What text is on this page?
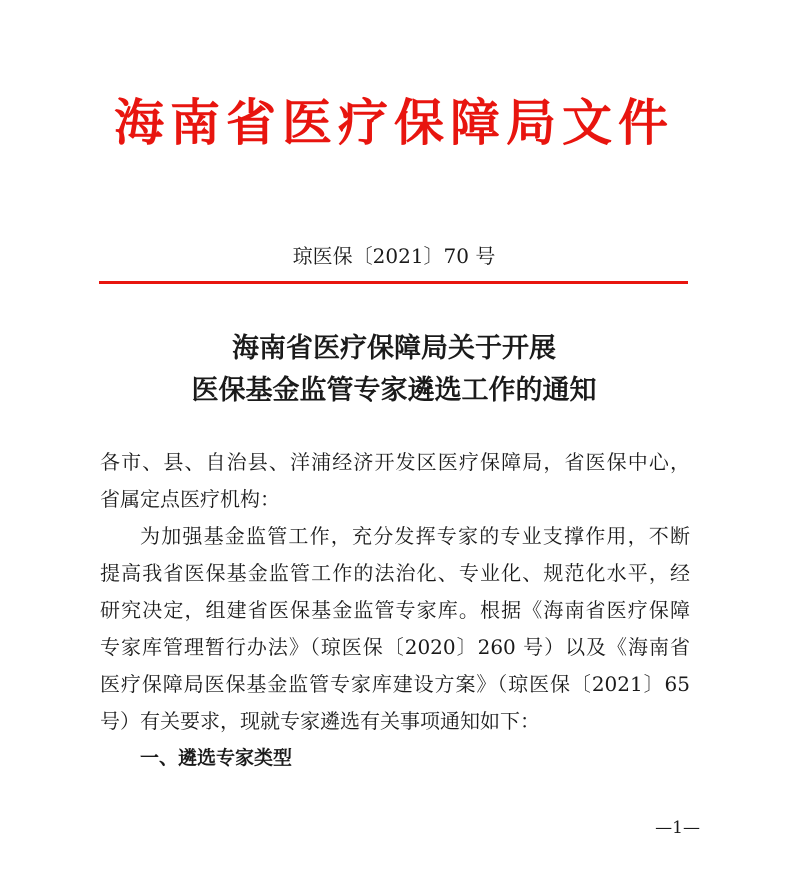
海南省医疗保障局文件
琼医保〔2021〕70 号
海南省医疗保障局关于开展
医保基金监管专家遴选工作的通知
各市、县、自治县、洋浦经济开发区医疗保障局，省医保中心，
省属定点医疗机构：
为加强基金监管工作，充分发挥专家的专业支撑作用，不断
提高我省医保基金监管工作的法治化、专业化、规范化水平，经
研究决定，组建省医保基金监管专家库。根据《海南省医疗保障
专家库管理暂行办法》（琼医保〔2020〕260 号）以及《海南省
医疗保障局医保基金监管专家库建设方案》（琼医保〔2021〕65
号）有关要求，现就专家遴选有关事项通知如下：
一、遴选专家类型
—1—
